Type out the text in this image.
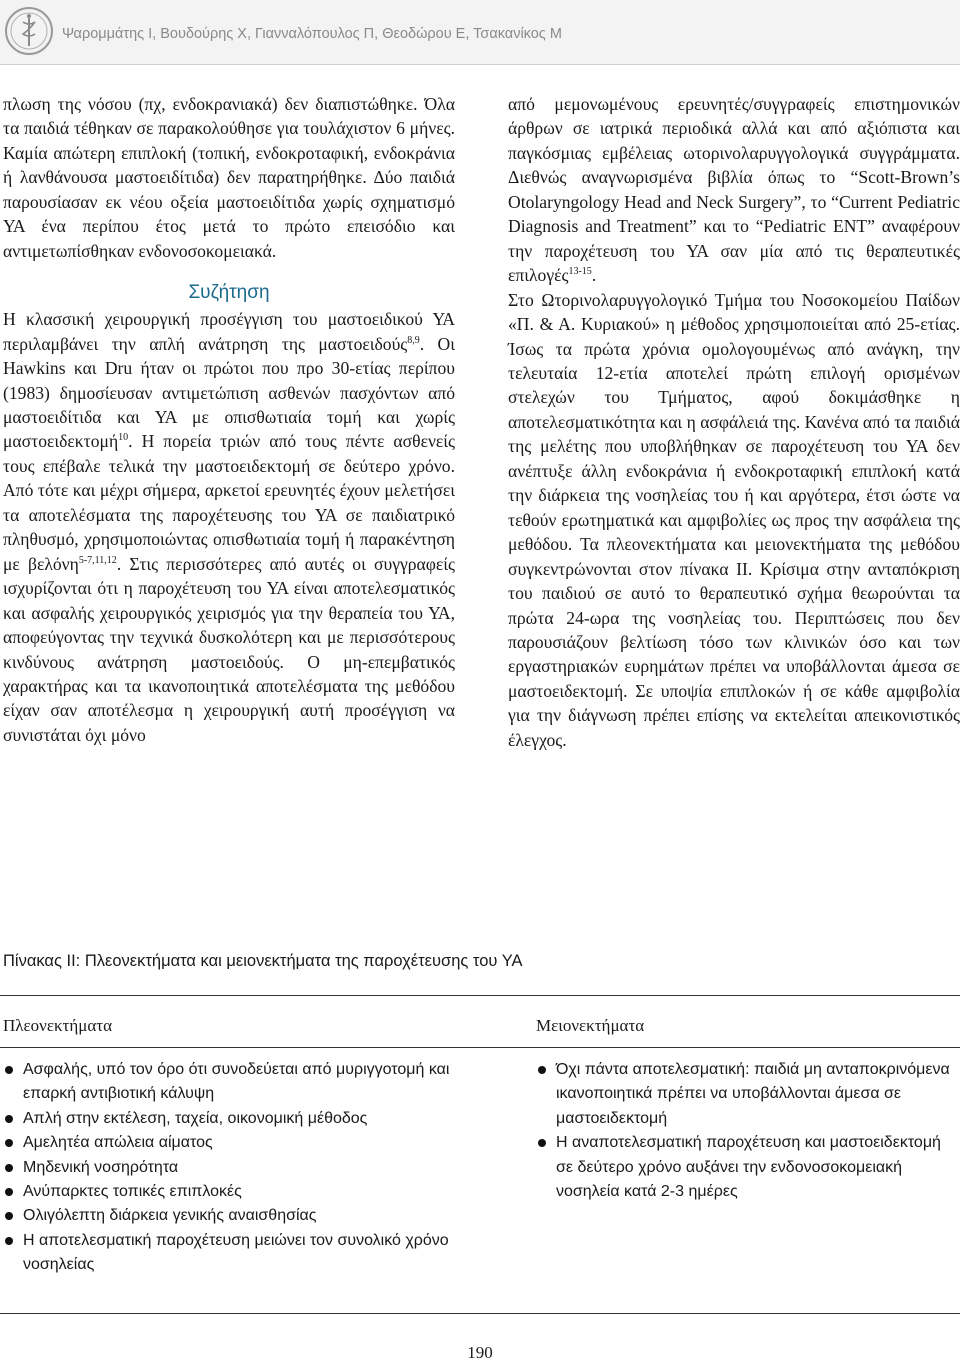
Ψαρομμάτης Ι, Βουδούρης Χ, Γιανναλόπουλος Π, Θεοδώρου Ε, Τσακανίκος Μ

πλωση της νόσου (πχ, ενδοκρανιακά) δεν διαπιστώθηκε. Όλα τα παιδιά τέθηκαν σε παρακολούθησε για τουλάχιστον 6 μήνες. Καμία απώτερη επιπλοκή (τοπική, ενδοκροταφική, ενδοκράνια ή λανθάνουσα μαστοειδίτιδα) δεν παρατηρήθηκε. Δύο παιδιά παρουσίασαν εκ νέου οξεία μαστοειδίτιδα χωρίς σχηματισμό ΥΑ ένα περίπου έτος μετά το πρώτο επεισόδιο και αντιμετωπίσθηκαν ενδονοσοκομειακά.

Συζήτηση

Η κλασσική χειρουργική προσέγγιση του μαστοειδικού ΥΑ περιλαμβάνει την απλή ανάτρηση της μαστοειδούς$^{8,9}$. Οι Hawkins και Dru ήταν οι πρώτοι που προ 30-ετίας περίπου (1983) δημοσίευσαν αντιμετώπιση ασθενών πασχόντων από μαστοειδίτιδα και ΥΑ με οπισθωτιαία τομή και χωρίς μαστοειδεκτομή$^{10}$. Η πορεία τριών από τους πέντε ασθενείς τους επέβαλε τελικά την μαστοειδεκτομή σε δεύτερο χρόνο. Από τότε και μέχρι σήμερα, αρκετοί ερευνητές έχουν μελετήσει τα αποτελέσματα της παροχέτευσης του ΥΑ σε παιδιατρικό πληθυσμό, χρησιμοποιώντας οπισθωτιαία τομή ή παρακέντηση με βελόνη$^{5-7,11,12}$. Στις περισσότερες από αυτές οι συγγραφείς ισχυρίζονται ότι η παροχέτευση του ΥΑ είναι αποτελεσματικός και ασφαλής χειρουργικός χειρισμός για την θεραπεία του ΥΑ, αποφεύγοντας την τεχνικά δυσκολότερη και με περισσότερους κινδύνους ανάτρηση μαστοειδούς. Ο μη-επεμβατικός χαρακτήρας και τα ικανοποιητικά αποτελέσματα της μεθόδου είχαν σαν αποτέλεσμα η χειρουργική αυτή προσέγγιση να συνιστάται όχι μόνο

από μεμονωμένους ερευνητές/συγγραφείς επιστημονικών άρθρων σε ιατρικά περιοδικά αλλά και από αξιόπιστα και παγκόσμιας εμβέλειας ωτορινολαρυγγολογικά συγγράμματα. Διεθνώς αναγνωρισμένα βιβλία όπως το “Scott-Brown’s Otolaryngology Head and Neck Surgery”, το “Current Pediatric Diagnosis and Treatment” και το “Pediatric ENT” αναφέρουν την παροχέτευση του ΥΑ σαν μία από τις θεραπευτικές επιλογές$^{13-15}$.

Στο Ωτορινολαρυγγολογικό Τμήμα του Νοσοκομείου Παίδων «Π. & Α. Κυριακού» η μέθοδος χρησιμοποιείται από 25-ετίας. Ίσως τα πρώτα χρόνια ομολογουμένως από ανάγκη, την τελευταία 12-ετία αποτελεί πρώτη επιλογή ορισμένων στελεχών του Τμήματος, αφού δοκιμάσθηκε η αποτελεσματικότητα και η ασφάλειά της. Κανένα από τα παιδιά της μελέτης που υποβλήθηκαν σε παροχέτευση του ΥΑ δεν ανέπτυξε άλλη ενδοκράνια ή ενδοκροταφική επιπλοκή κατά την διάρκεια της νοσηλείας του ή και αργότερα, έτσι ώστε να τεθούν ερωτηματικά και αμφιβολίες ως προς την ασφάλεια της μεθόδου. Τα πλεονεκτήματα και μειονεκτήματα της μεθόδου συγκεντρώνονται στον πίνακα ΙΙ. Κρίσιμα στην ανταπόκριση του παιδιού σε αυτό το θεραπευτικό σχήμα θεωρούνται τα πρώτα 24-ωρα της νοσηλείας του. Περιπτώσεις που δεν παρουσιάζουν βελτίωση τόσο των κλινικών όσο και των εργαστηριακών ευρημάτων πρέπει να υποβάλλονται άμεσα σε μαστοειδεκτομή. Σε υποψία επιπλοκών ή σε κάθε αμφιβολία για την διάγνωση πρέπει επίσης να εκτελείται απεικονιστικός έλεγχος.

Πίνακας ΙΙ: Πλεονεκτήματα και μειονεκτήματα της παροχέτευσης του ΥΑ
Πλεονεκτήματα	Μειονεκτήματα
Ασφαλής, υπό τον όρο ότι συνοδεύεται από μυριγγοτομή και επαρκή αντιβιοτική κάλυψη
Απλή στην εκτέλεση, ταχεία, οικονομική μέθοδος
Αμελητέα απώλεια αίματος
Μηδενική νοσηρότητα
Ανύπαρκτες τοπικές επιπλοκές
Ολιγόλεπτη διάρκεια γενικής αναισθησίας
Η αποτελεσματική παροχέτευση μειώνει τον συνολικό χρόνο νοσηλείας
Όχι πάντα αποτελεσματική: παιδιά μη ανταποκρινόμενα ικανοποιητικά πρέπει να υποβάλλονται άμεσα σε μαστοειδεκτομή
Η αναποτελεσματική παροχέτευση και μαστοειδεκτομή σε δεύτερο χρόνο αυξάνει την ενδονοσοκομειακή νοσηλεία κατά 2-3 ημέρες
190
